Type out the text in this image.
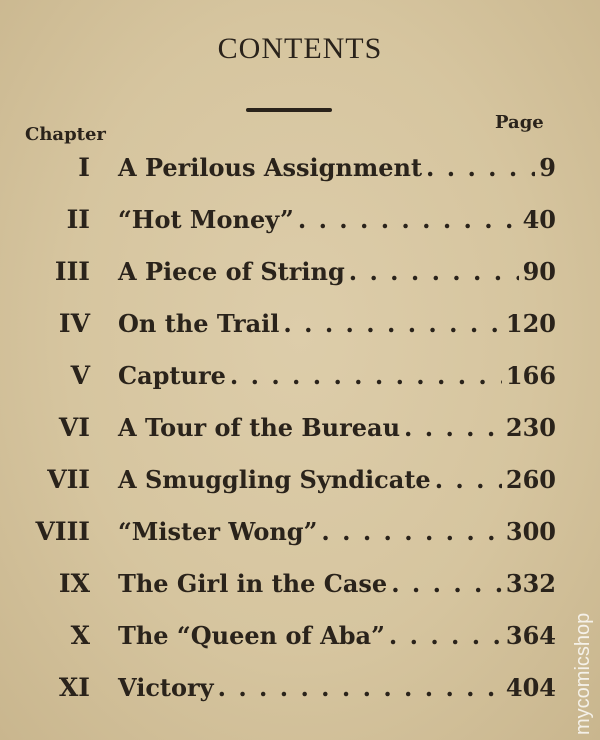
CONTENTS
Chapter
Page
I A Perilous Assignment . . .	9
II “Hot Money” . . .	40
III A Piece of String . . .	90
IV On the Trail . . .	120
V Capture . . .	166
VI A Tour of the Bureau . . .	230
VII A Smuggling Syndicate . . .	260
VIII “Mister Wong” . . .	300
IX The Girl in the Case . . .	332
X The “Queen of Aba” . . .	364
XI Victory . . .	404 mycomicshop
